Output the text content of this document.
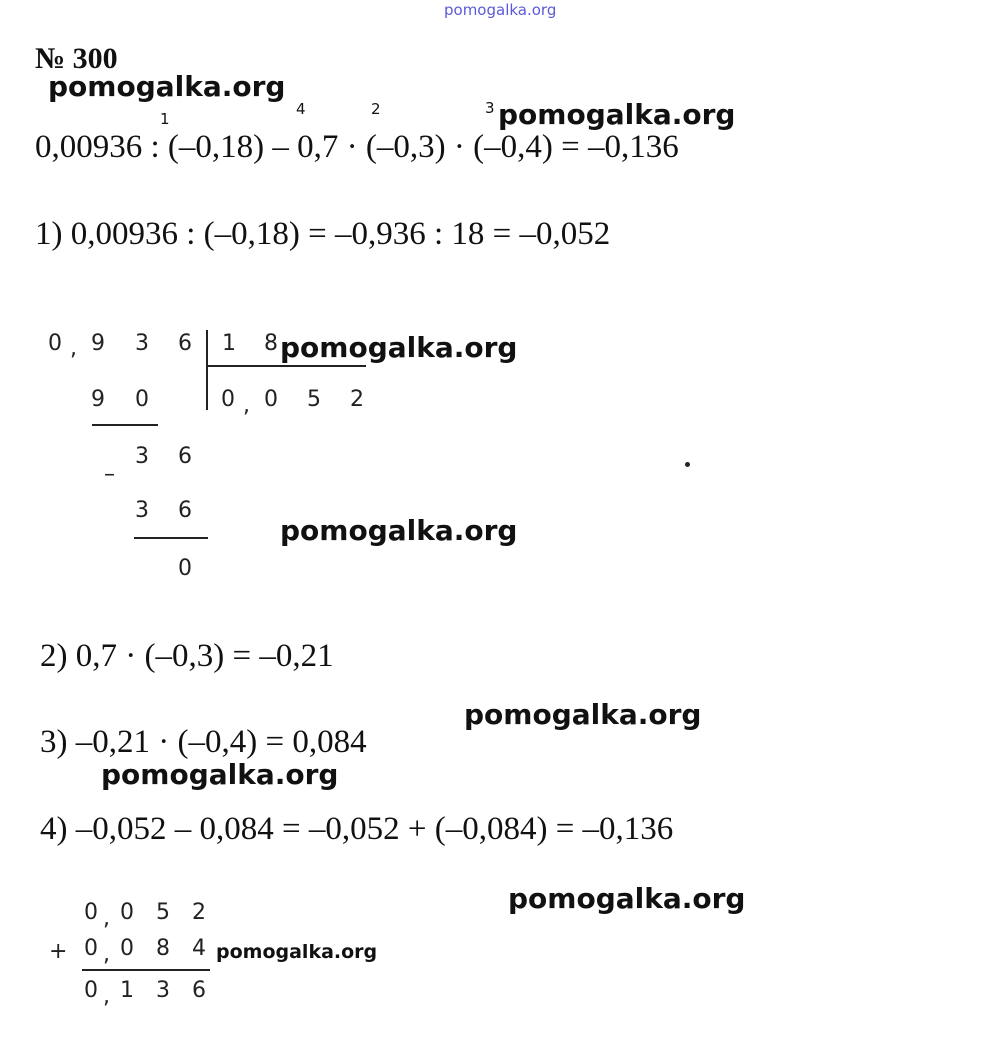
pomogalka.org
№ 300
pomogalka.org
pomogalka.org
pomogalka.org
pomogalka.org
pomogalka.org
pomogalka.org
pomogalka.org
pomogalka.org
1
4	2	3
0,00936 : (–0,18) – 0,7 · (–0,3) · (–0,4) = –0,136
1) 0,00936 : (–0,18) = –0,936 : 18 = –0,052
0 , 9 3 6 1 8
0 , 0 5 2
9 0
–
3 6
3 6
0
2) 0,7 · (–0,3) = –0,21
3) –0,21 · (–0,4) = 0,084
4) –0,052 – 0,084 = –0,052 + (–0,084) = –0,136
0 , 0 5 2
+ 0 , 0 8 4
0 , 1 3 6
